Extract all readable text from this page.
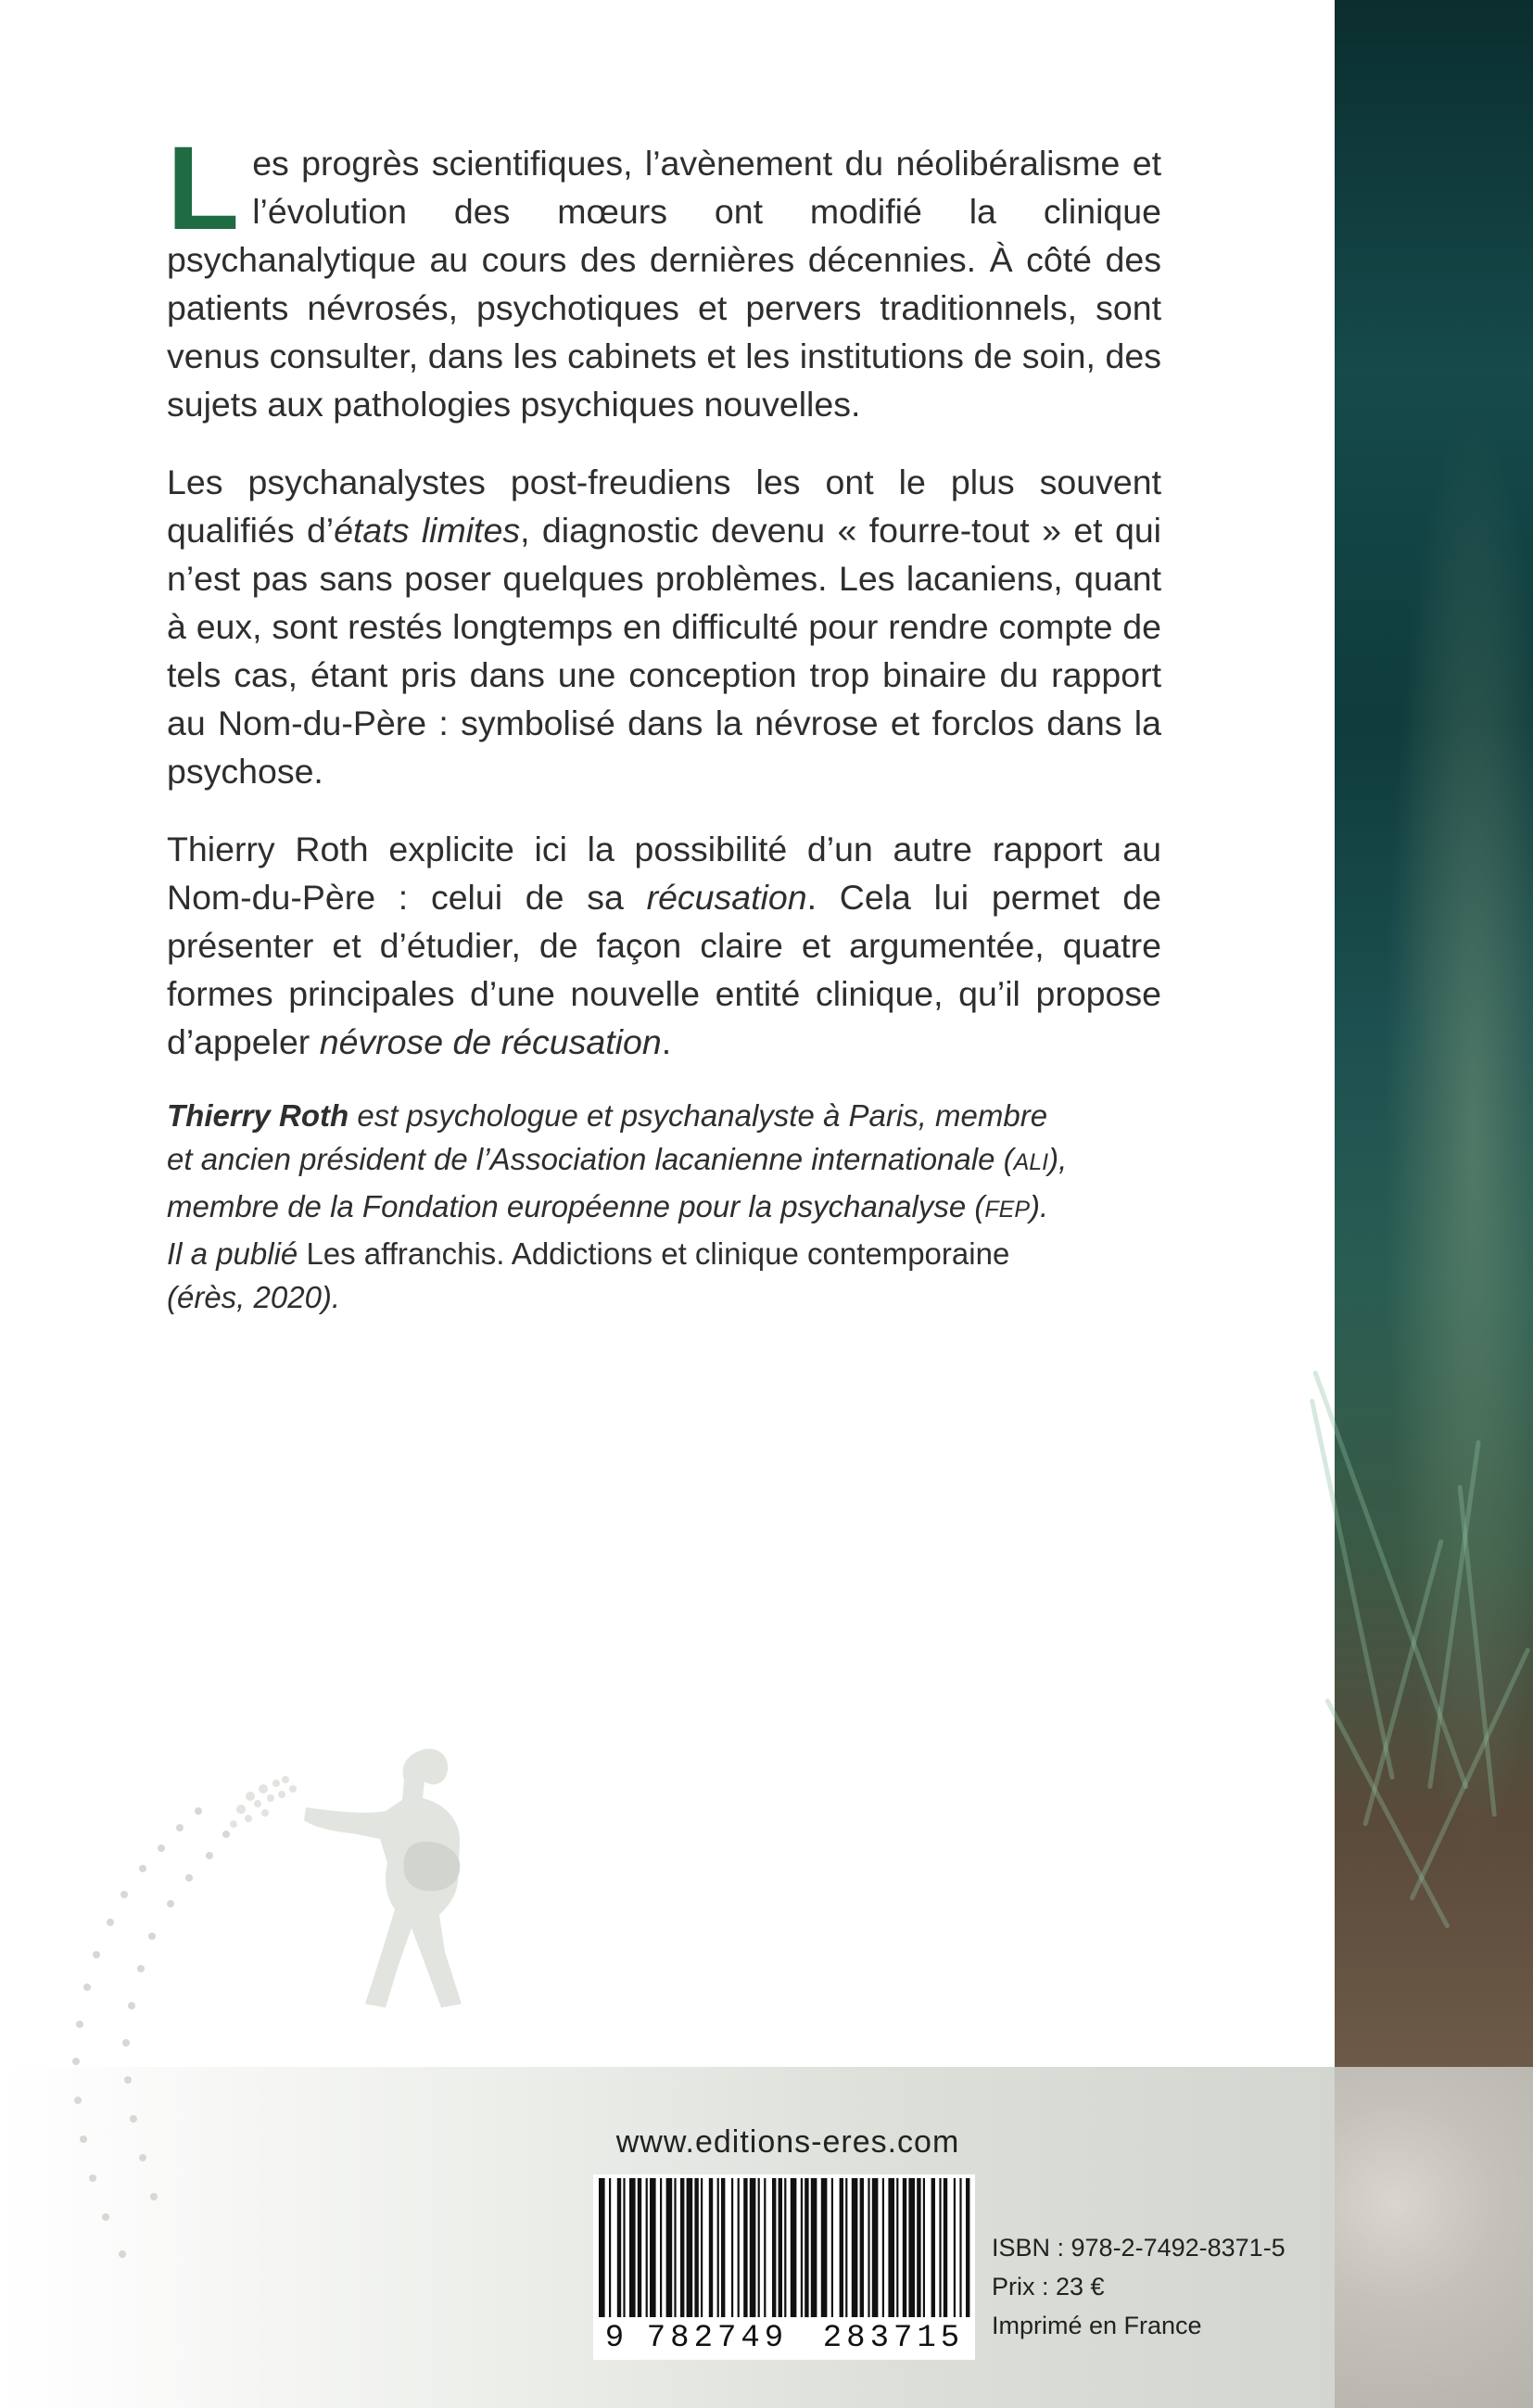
Les progrès scientifiques, l’avènement du néolibéralisme et l’évolution des mœurs ont modifié la clinique psychanalytique au cours des dernières décennies. À côté des patients névrosés, psychotiques et pervers traditionnels, sont venus consulter, dans les cabinets et les institutions de soin, des sujets aux pathologies psychiques nouvelles.

Les psychanalystes post-freudiens les ont le plus souvent qualifiés d’états limites, diagnostic devenu « fourre-tout » et qui n’est pas sans poser quelques problèmes. Les lacaniens, quant à eux, sont restés longtemps en difficulté pour rendre compte de tels cas, étant pris dans une conception trop binaire du rapport au Nom-du-Père : symbolisé dans la névrose et forclos dans la psychose.

Thierry Roth explicite ici la possibilité d’un autre rapport au Nom-du-Père : celui de sa récusation. Cela lui permet de présenter et d’étudier, de façon claire et argumentée, quatre formes principales d’une nouvelle entité clinique, qu’il propose d’appeler névrose de récusation.

Thierry Roth est psychologue et psychanalyste à Paris, membre
et ancien président de l’Association lacanienne internationale (ALI),
membre de la Fondation européenne pour la psychanalyse (FEP).
Il a publié Les affranchis. Addictions et clinique contemporaine
(érès, 2020).
www.editions-eres.com
9 782749	283715
ISBN : 978-2-7492-8371-5
Prix : 23 €
Imprimé en France
